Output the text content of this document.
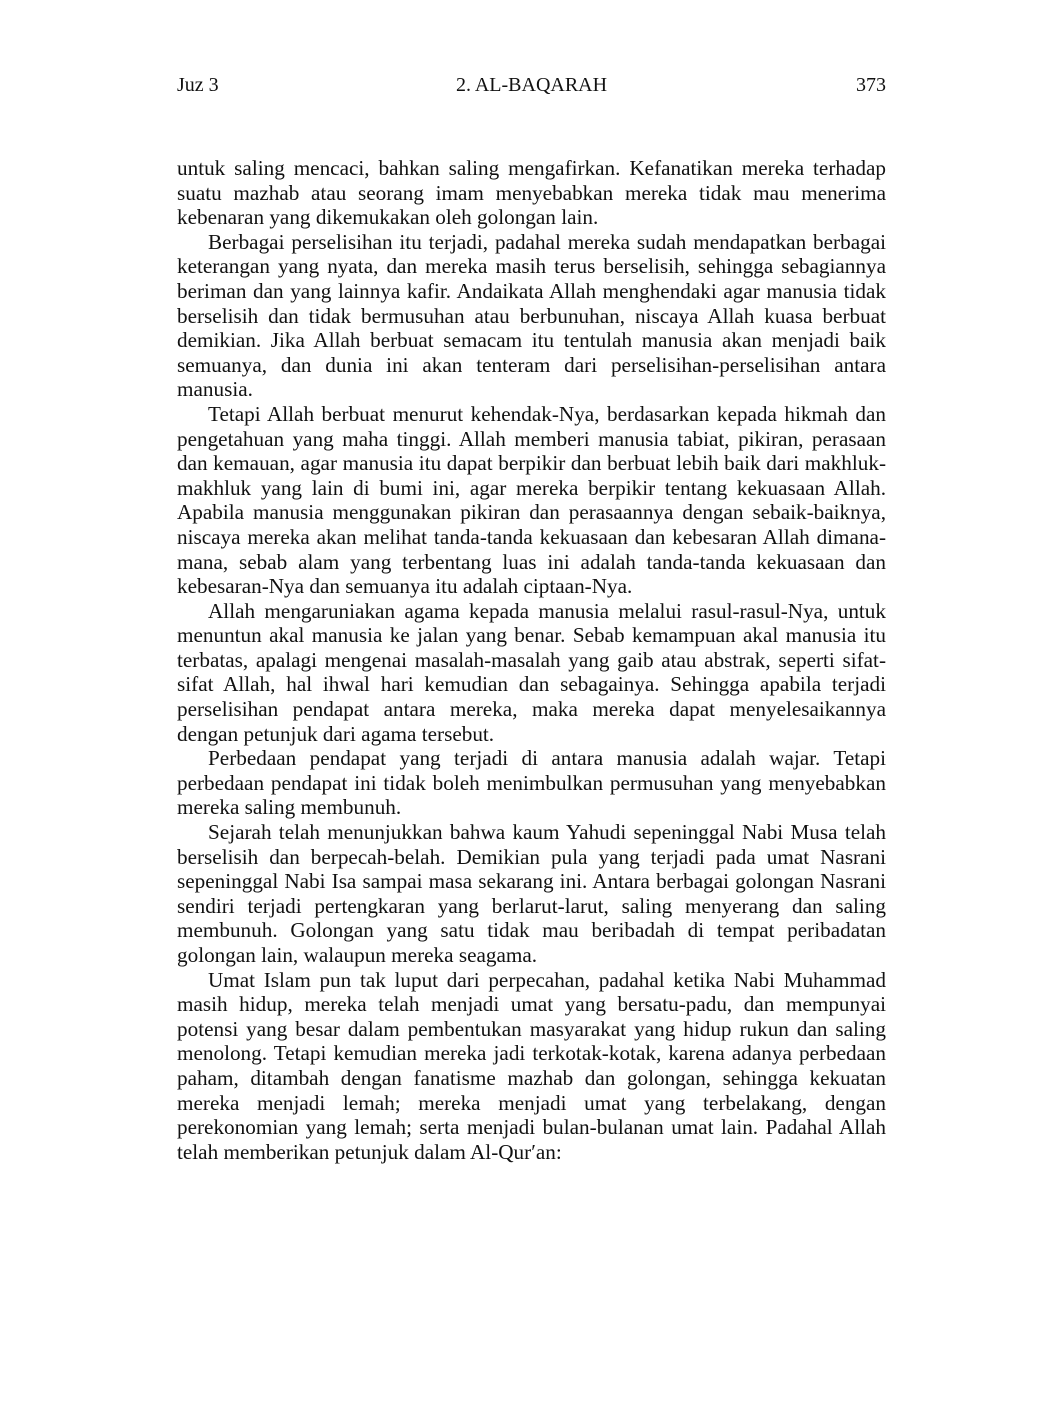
Juz 3	2. AL-BAQARAH	373

untuk saling mencaci, bahkan saling mengafirkan. Kefanatikan mereka terhadap suatu mazhab atau seorang imam menyebabkan mereka tidak mau menerima kebenaran yang dikemukakan oleh golongan lain.

Berbagai perselisihan itu terjadi, padahal mereka sudah mendapatkan berbagai keterangan yang nyata, dan mereka masih terus berselisih, sehingga sebagiannya beriman dan yang lainnya kafir. Andaikata Allah menghendaki agar manusia tidak berselisih dan tidak bermusuhan atau berbunuhan, niscaya Allah kuasa berbuat demikian. Jika Allah berbuat semacam itu tentulah manusia akan menjadi baik semuanya, dan dunia ini akan tenteram dari perselisihan-perselisihan antara manusia.

Tetapi Allah berbuat menurut kehendak-Nya, berdasarkan kepada hikmah dan pengetahuan yang maha tinggi. Allah memberi manusia tabiat, pikiran, perasaan dan kemauan, agar manusia itu dapat berpikir dan berbuat lebih baik dari makhluk-makhluk yang lain di bumi ini, agar mereka berpikir tentang kekuasaan Allah. Apabila manusia menggunakan pikiran dan perasaannya dengan sebaik-baiknya, niscaya mereka akan melihat tanda-tanda kekuasaan dan kebesaran Allah dimana-mana, sebab alam yang terbentang luas ini adalah tanda-tanda kekuasaan dan kebesaran-Nya dan semuanya itu adalah ciptaan-Nya.

Allah mengaruniakan agama kepada manusia melalui rasul-rasul-Nya, untuk menuntun akal manusia ke jalan yang benar. Sebab kemampuan akal manusia itu terbatas, apalagi mengenai masalah-masalah yang gaib atau abstrak, seperti sifat-sifat Allah, hal ihwal hari kemudian dan sebagainya. Sehingga apabila terjadi perselisihan pendapat antara mereka, maka mereka dapat menyelesaikannya dengan petunjuk dari agama tersebut.

Perbedaan pendapat yang terjadi di antara manusia adalah wajar. Tetapi perbedaan pendapat ini tidak boleh menimbulkan permusuhan yang menyebabkan mereka saling membunuh.

Sejarah telah menunjukkan bahwa kaum Yahudi sepeninggal Nabi Musa telah berselisih dan berpecah-belah. Demikian pula yang terjadi pada umat Nasrani sepeninggal Nabi Isa sampai masa sekarang ini. Antara berbagai golongan Nasrani sendiri terjadi pertengkaran yang berlarut-larut, saling menyerang dan saling membunuh. Golongan yang satu tidak mau beribadah di tempat peribadatan golongan lain, walaupun mereka seagama.

Umat Islam pun tak luput dari perpecahan, padahal ketika Nabi Muhammad masih hidup, mereka telah menjadi umat yang bersatu-padu, dan mempunyai potensi yang besar dalam pembentukan masyarakat yang hidup rukun dan saling menolong. Tetapi kemudian mereka jadi terkotak-kotak, karena adanya perbedaan paham, ditambah dengan fanatisme mazhab dan golongan, sehingga kekuatan mereka menjadi lemah; mereka menjadi umat yang terbelakang, dengan perekonomian yang lemah; serta menjadi bulan-bulanan umat lain. Padahal Allah telah memberikan petunjuk dalam Al-Qur′an:
